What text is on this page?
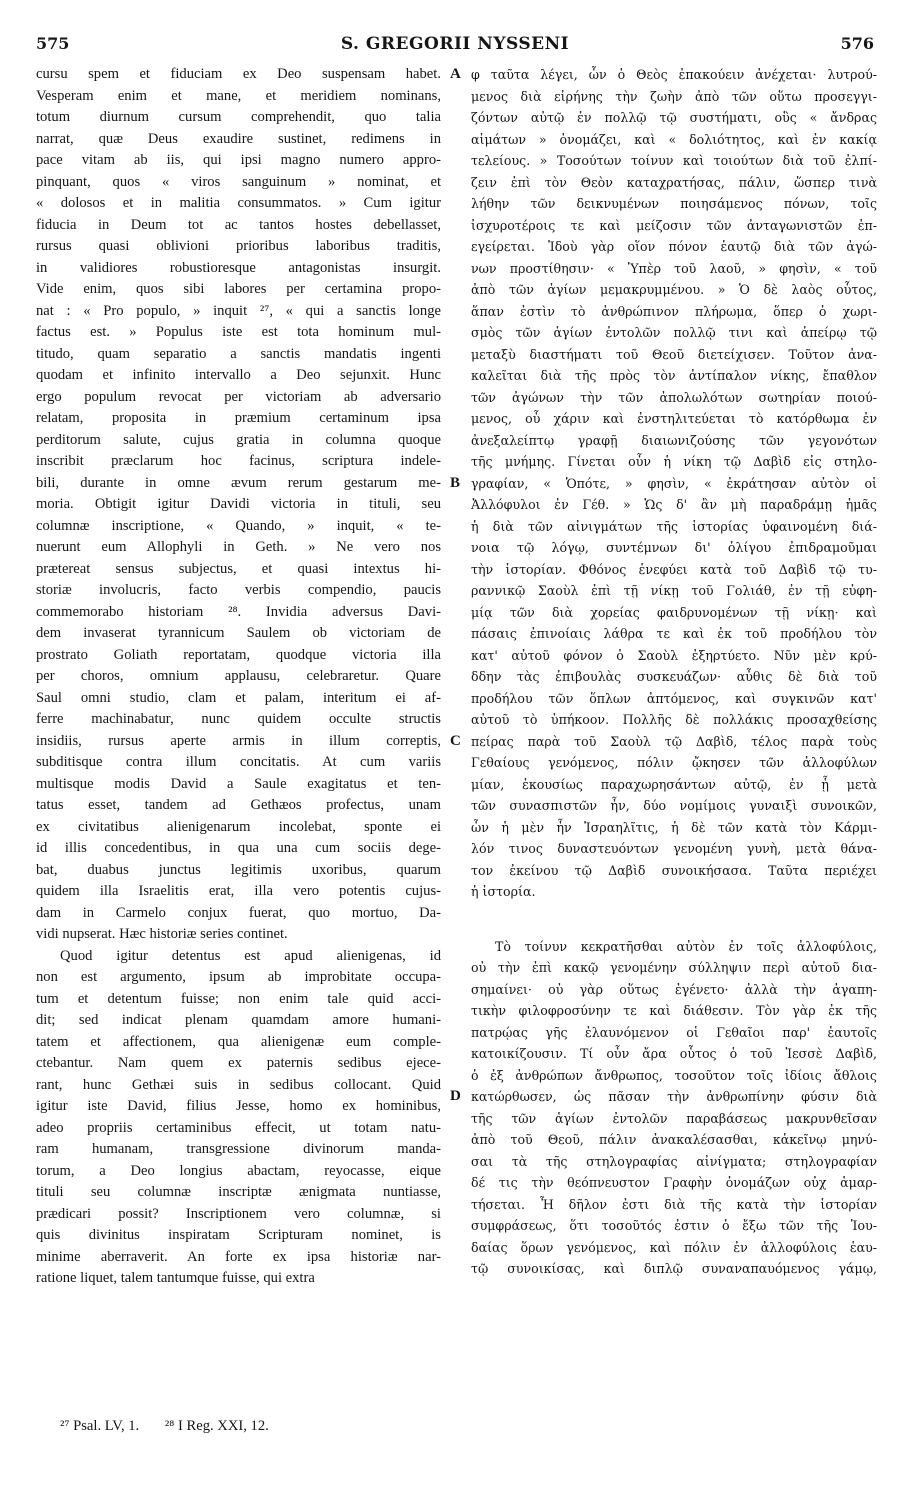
575	S. GREGORII NYSSENI	576
cursu spem et fiduciam ex Deo suspensam habet.
Vesperam enim et mane, et meridiem nominans,
totum diurnum cursum comprehendit, quo talia
narrat, quæ Deus exaudire sustinet, redimens in
pace vitam ab iis, qui ipsi magno numero appro-
pinquant, quos « viros sanguinum » nominat, et
« dolosos et in malitia consummatos. » Cum igitur
fiducia in Deum tot ac tantos hostes debellasset,
rursus quasi oblivioni prioribus laboribus traditis,
in validiores robustioresque antagonistas insurgit.
Vide enim, quos sibi labores per certamina propo-
nat : « Pro populo, » inquit ²⁷, « qui a sanctis longe
factus est. » Populus iste est tota hominum mul-
titudo, quam separatio a sanctis mandatis ingenti
quodam et infinito intervallo a Deo sejunxit. Hunc
ergo populum revocat per victoriam ab adversario
relatam, proposita in præmium certaminum ipsa
perditorum salute, cujus gratia in columna quoque
inscribit præclarum hoc facinus, scriptura indele-
bili, durante in omne ævum rerum gestarum me-
moria. Obtigit igitur Davidi victoria in tituli, seu
columnæ inscriptione, « Quando, » inquit, « te-
nuerunt eum Allophyli in Geth. » Ne vero nos
prætereat sensus subjectus, et quasi intextus hi-
storiæ involucris, facto verbis compendio, paucis
commemorabo historiam ²⁸. Invidia adversus Davi-
dem invaserat tyrannicum Saulem ob victoriam de
prostrato Goliath reportatam, quodque victoria illa
per choros, omnium applausu, celebraretur. Quare
Saul omni studio, clam et palam, interitum ei af-
ferre machinabatur, nunc quidem occulte structis
insidiis, rursus aperte armis in illum correptis,
subditisque contra illum concitatis. At cum variis
multisque modis David a Saule exagitatus et ten-
tatus esset, tandem ad Gethæos profectus, unam
ex civitatibus alienigenarum incolebat, sponte ei
id illis concedentibus, in qua una cum sociis dege-
bat, duabus junctus legitimis uxoribus, quarum
quidem illa Israelitis erat, illa vero potentis cujus-
dam in Carmelo conjux fuerat, quo mortuo, Da-
vidi nupserat. Hæc historiæ series continet.
Quod igitur detentus est apud alienigenas, id
non est argumento, ipsum ab improbitate occupa-
tum et detentum fuisse; non enim tale quid acci-
dit; sed indicat plenam quamdam amore humani-
tatem et affectionem, qua alienigenæ eum comple-
ctebantur. Nam quem ex paternis sedibus ejece-
rant, hunc Gethæi suis in sedibus collocant. Quid
igitur iste David, filius Jesse, homo ex hominibus,
adeo propriis certaminibus effecit, ut totam natu-
ram humanam, transgressione divinorum manda-
torum, a Deo longius abactam, reyocasse, eique
tituli seu columnæ inscriptæ ænigmata nuntiasse,
prædicari possit? Inscriptionem vero columnæ, si
quis divinitus inspiratam Scripturam nominet, is
minime aberraverit. An forte ex ipsa historiæ nar-
ratione liquet, talem tantumque fuisse, qui extra
φ ταῦτα λέγει, ὧν ὁ Θεὸς ἐπακούειν ἀνέχεται· λυτρού-
μενος διὰ εἰρήνης τὴν ζωὴν ἀπὸ τῶν οὕτω προσεγγι-
ζόντων αὐτῷ ἐν πολλῷ τῷ συστήματι, οὓς « ἄνδρας
αἱμάτων » ὀνομάζει, καὶ « δολιότητος, καὶ ἐν κακίᾳ
τελείους. » Τοσούτων τοίνυν καὶ τοιούτων διὰ τοῦ ἐλπί-
ζειν ἐπὶ τὸν Θεὸν καταχρατήσας, πάλιν, ὥσπερ τινὰ
λήθην τῶν δεικνυμένων ποιησάμενος πόνων, τοῖς
ἰσχυροτέροις τε καὶ μείζοσιν τῶν ἀνταγωνιστῶν ἐπ-
εγείρεται. Ἰδοὺ γὰρ οἵον πόνον ἑαυτῷ διὰ τῶν ἀγώ-
νων προστίθησιν· « Ὑπὲρ τοῦ λαοῦ, » φησὶν, « τοῦ
ἀπὸ τῶν ἁγίων μεμακρυμμένου. » Ὁ δὲ λαὸς οὗτος,
ἅπαν ἐστὶν τὸ ἀνθρώπινον πλήρωμα, ὅπερ ὁ χωρι-
σμὸς τῶν ἁγίων ἐντολῶν πολλῷ τινι καὶ ἀπείρῳ τῷ
μεταξὺ διαστήματι τοῦ Θεοῦ διετείχισεν. Τοῦτον ἀνα-
καλεῖται διὰ τῆς πρὸς τὸν ἀντίπαλον νίκης, ἔπαθλον
τῶν ἀγώνων τὴν τῶν ἀπολωλότων σωτηρίαν ποιού-
μενος, οὗ χάριν καὶ ἐνστηλιτεύεται τὸ κατόρθωμα ἐν
ἀνεξαλείπτῳ γραφῇ διαιωνιζούσης τῶν γεγονότων
τῆς μνήμης. Γίνεται οὖν ἡ νίκη τῷ Δαβὶδ εἰς στηλο-
γραφίαν, « Ὁπότε, » φησὶν, « ἐκράτησαν αὐτὸν οἱ
Ἀλλόφυλοι ἐν Γέθ. » Ὡς δ' ἂν μὴ παραδράμῃ ἡμᾶς
ἡ διὰ τῶν αἰνιγμάτων τῆς ἱστορίας ὑφαινομένη διά-
νοια τῷ λόγῳ, συντέμνων δι' ὀλίγου ἐπιδραμοῦμαι
τὴν ἱστορίαν. Φθόνος ἐνεφύει κατὰ τοῦ Δαβὶδ τῷ τυ-
ραννικῷ Σαοὺλ ἐπὶ τῇ νίκῃ τοῦ Γολιάθ, ἐν τῇ εὐφη-
μίᾳ τῶν διὰ χορείας φαιδρυνομένων τῇ νίκῃ· καὶ
πάσαις ἐπινοίαις λάθρα τε καὶ ἐκ τοῦ προδήλου τὸν
κατ' αὐτοῦ φόνον ὁ Σαοὺλ ἐξηρτύετο. Νῦν μὲν κρύ-
δδην τὰς ἐπιβουλὰς συσκευάζων· αὖθις δὲ διὰ τοῦ
προδήλου τῶν ὅπλων ἀπτόμενος, καὶ συγκινῶν κατ'
αὐτοῦ τὸ ὑπήκοον. Πολλῆς δὲ πολλάκις προσαχθείσης
πείρας παρὰ τοῦ Σαοὺλ τῷ Δαβὶδ, τέλος παρὰ τοὺς
Γεθαίους γενόμενος, πόλιν ᾤκησεν τῶν ἀλλοφύλων
μίαν, ἑκουσίως παραχωρησάντων αὐτῷ, ἐν ᾗ μετὰ
τῶν συνασπιστῶν ἦν, δύο νομίμοις γυναιξὶ συνοικῶν,
ὧν ἡ μὲν ἦν Ἰσραηλῖτις, ἡ δὲ τῶν κατὰ τὸν Κάρμι-
λόν τινος δυναστευόντων γενομένη γυνὴ, μετὰ θάνα-
τον ἐκείνου τῷ Δαβὶδ συνοικήσασα. Ταῦτα περιέχει
ἡ ἱστορία.
Τὸ τοίνυν κεκρατῆσθαι αὐτὸν ἐν τοῖς ἀλλοφύλοις,
οὐ τὴν ἐπὶ κακῷ γενομένην σύλληψιν περὶ αὐτοῦ δια-
σημαίνει· οὐ γὰρ οὕτως ἐγένετο· ἀλλὰ τὴν ἀγαπη-
τικὴν φιλοφροσύνην τε καὶ διάθεσιν. Τὸν γὰρ ἐκ τῆς
πατρῴας γῆς ἐλαυνόμενον οἱ Γεθαῖοι παρ' ἑαυτοῖς
κατοικίζουσιν. Τί οὖν ἄρα οὗτος ὁ τοῦ Ἰεσσὲ Δαβὶδ,
ὁ ἐξ ἀνθρώπων ἄνθρωπος, τοσοῦτον τοῖς ἰδίοις ἄθλοις
κατώρθωσεν, ὡς πᾶσαν τὴν ἀνθρωπίνην φύσιν διὰ
τῆς τῶν ἁγίων ἐντολῶν παραβάσεως μακρυνθεῖσαν
ἀπὸ τοῦ Θεοῦ, πάλιν ἀνακαλέσασθαι, κἀκεῖνῳ μηνύ-
σαι τὰ τῆς στηλογραφίας αἰνίγματα; στηλογραφίαν
δέ τις τὴν θεόπνευστον Γραφὴν ὀνομάζων οὐχ ἁμαρ-
τήσεται. Ἦ δῆλον ἐστι διὰ τῆς κατὰ τὴν ἱστορίαν
συμφράσεως, ὅτι τοσοῦτός ἐστιν ὁ ἔξω τῶν τῆς Ἰου-
δαίας ὅρων γενόμενος, καὶ πόλιν ἐν ἀλλοφύλοις ἑαυ-
τῷ συνοικίσας, καὶ διπλῷ συναναπαυόμενος γάμῳ,
A
B
C
D
²⁷ Psal. LV, 1. ²⁸ I Reg. XXI, 12.
